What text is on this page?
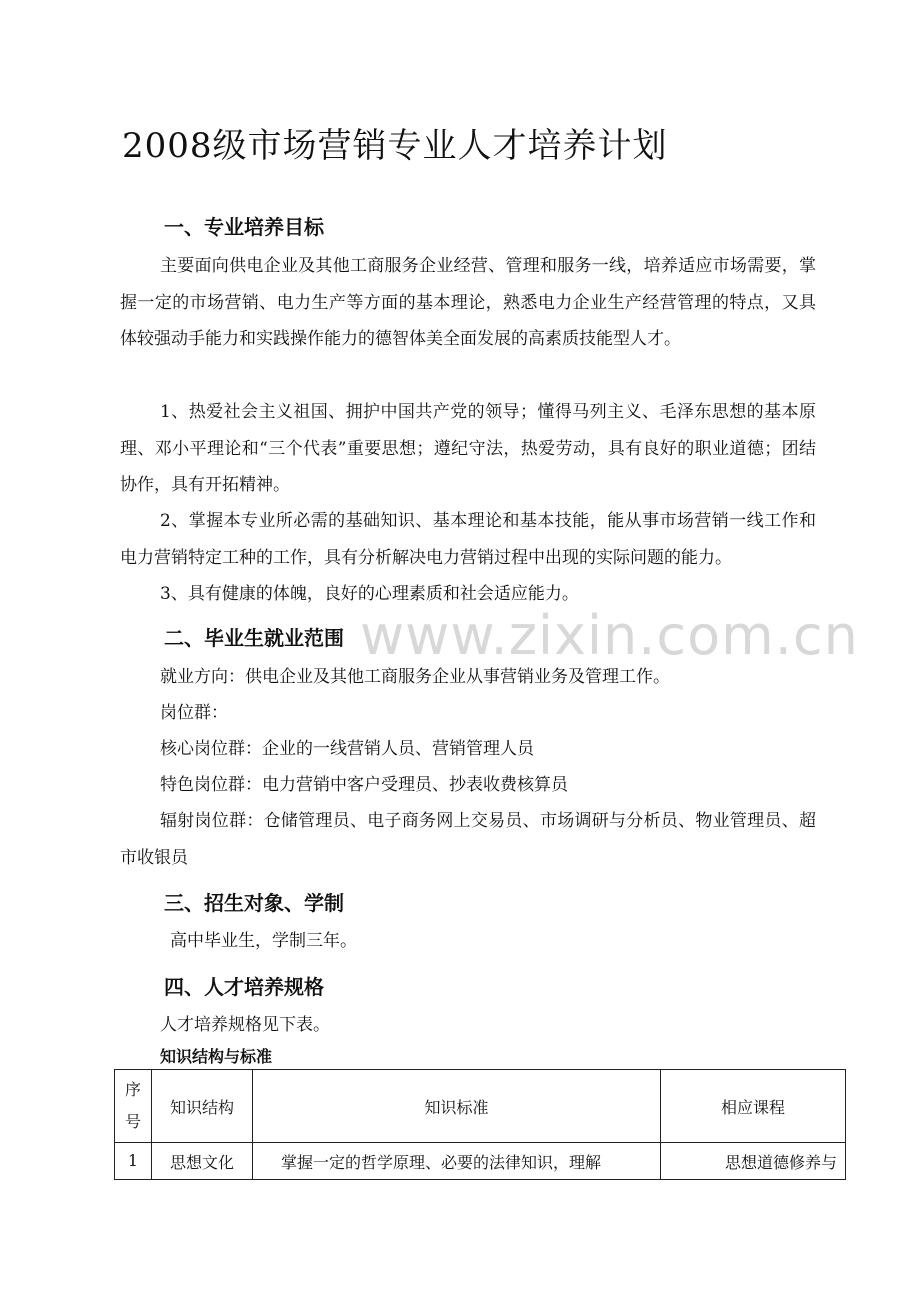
www.zixin.com.cn
2008级市场营销专业人才培养计划
一、专业培养目标

主要面向供电企业及其他工商服务企业经营、管理和服务一线，培养适应市场需要，掌握一定的市场营销、电力生产等方面的基本理论，熟悉电力企业生产经营管理的特点，又具体较强动手能力和实践操作能力的德智体美全面发展的高素质技能型人才。

1、热爱社会主义祖国、拥护中国共产党的领导；懂得马列主义、毛泽东思想的基本原理、邓小平理论和“三个代表”重要思想；遵纪守法，热爱劳动，具有良好的职业道德；团结协作，具有开拓精神。

2、掌握本专业所必需的基础知识、基本理论和基本技能，能从事市场营销一线工作和电力营销特定工种的工作，具有分析解决电力营销过程中出现的实际问题的能力。

3、具有健康的体魄，良好的心理素质和社会适应能力。

二、毕业生就业范围
就业方向：供电企业及其他工商服务企业从事营销业务及管理工作。
岗位群：
核心岗位群：企业的一线营销人员、营销管理人员
特色岗位群：电力营销中客户受理员、抄表收费核算员

辐射岗位群：仓储管理员、电子商务网上交易员、市场调研与分析员、物业管理员、超市收银员

三、招生对象、学制
高中毕业生，学制三年。
四、人才培养规格
人才培养规格见下表。
知识结构与标准
序号	知识结构	知识标准	相应课程
1	思想文化	掌握一定的哲学原理、必要的法律知识，理解	思想道德修养与
